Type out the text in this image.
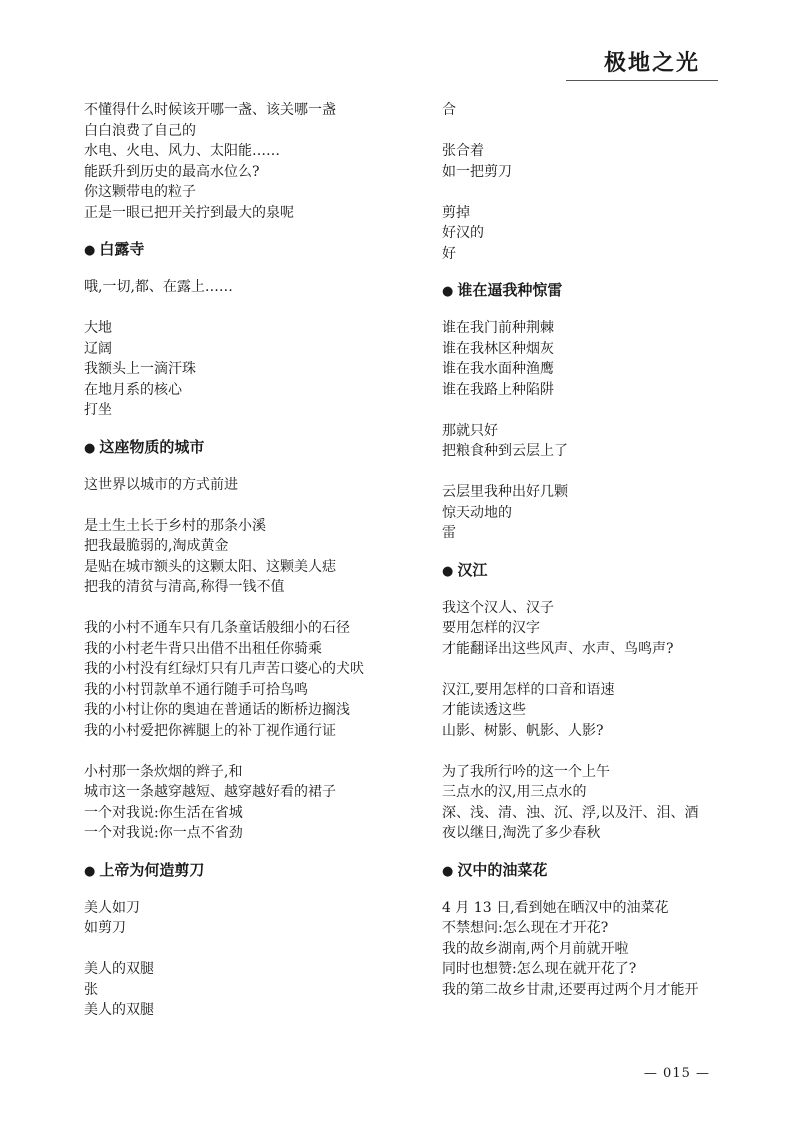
极地之光
不懂得什么时候该开哪一盏、该关哪一盏
白白浪费了自己的
水电、火电、风力、太阳能……
能跃升到历史的最高水位么?
你这颗带电的粒子
正是一眼已把开关拧到最大的泉呢
● 白露寺
哦,一切,都、在露上……
大地
辽阔
我额头上一滴汗珠
在地月系的核心
打坐
● 这座物质的城市
这世界以城市的方式前进
是土生土长于乡村的那条小溪
把我最脆弱的,淘成黄金
是贴在城市额头的这颗太阳、这颗美人痣
把我的清贫与清高,称得一钱不值
我的小村不通车只有几条童话般细小的石径
我的小村老牛背只出借不出租任你骑乘
我的小村没有红绿灯只有几声苦口婆心的犬吠
我的小村罚款单不通行随手可拾鸟鸣
我的小村让你的奥迪在普通话的断桥边搁浅
我的小村爱把你裤腿上的补丁视作通行证
小村那一条炊烟的辫子,和
城市这一条越穿越短、越穿越好看的裙子
一个对我说:你生活在省城
一个对我说:你一点不省劲
● 上帝为何造剪刀
美人如刀
如剪刀
美人的双腿
张
美人的双腿
合
张合着
如一把剪刀
剪掉
好汉的
好
● 谁在逼我种惊雷
谁在我门前种荆棘
谁在我林区种烟灰
谁在我水面种渔鹰
谁在我路上种陷阱
那就只好
把粮食种到云层上了
云层里我种出好几颗
惊天动地的
雷
● 汉江
我这个汉人、汉子
要用怎样的汉字
才能翻译出这些风声、水声、鸟鸣声?
汉江,要用怎样的口音和语速
才能读透这些
山影、树影、帆影、人影?
为了我所行吟的这一个上午
三点水的汉,用三点水的
深、浅、清、浊、沉、浮,以及汗、泪、酒
夜以继日,淘洗了多少春秋
● 汉中的油菜花
4 月 13 日,看到她在晒汉中的油菜花
不禁想问:怎么现在才开花?
我的故乡湖南,两个月前就开啦
同时也想赞:怎么现在就开花了?
我的第二故乡甘肃,还要再过两个月才能开
— 015 —
